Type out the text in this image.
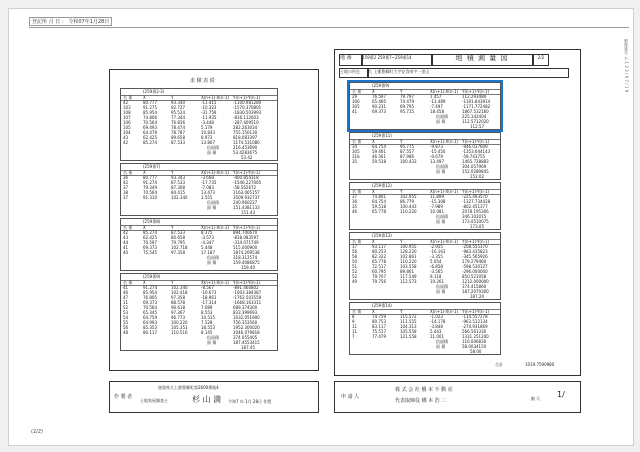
登記所 月 日 ： 令和07年1月28日
整理番号 チ 1 2 3 / 0 7 / 1 9
求 積 表 続
(259番2-3)
名 番	X	Y	X(n+1)-X(n-1) Y(n+1)-Y(n-1)
42	80.777	93.340	-11.415	-1100.981280
103	91.275	92.727	-10.323	-1570.370801
108	85.954	95.524	-31.759	-1830.503993
107	74.806	77.344	-11.935	-816.112603
106	70.564	76.836	-3.448	-287.409510
105	69.493	78.474	5.179	282.263034
104	64.479	78.787	10.843	755.150130
43	62.425	89.658	8.973	818.083397
42	85.274	87.533	13.807	1174.531080
倍面積	216.453690
面 積	53.4283675
53.42
(259番7)
名 番	X	Y	X(n+1)-X(n-1) Y(n+1)-Y(n-1)
36	80.777	93.343	-3.668	-400.854318
42	91.274	87.533	-17.735	-1546.227065
37	79.349	87.308	-7.083	-58.562672
38	70.564	84.415	13.473	1163.065157
37	91.310	102.340	3.555	3509.932737
倍面積	240.960227
面 積	151.4381133
151.43
(259番8)
名 番	X	Y	X(n+1)-X(n-1) Y(n+1)-Y(n-1)
42	85.274	87.533	8.375	894.700670
43	62.425	80.658	-3.573	-818.083597
44	70.597	79.795	-4.347	-314.071749
41	69.373	102.718	5.448	515.000900
40	75.545	97.358	17.187	1874.209538
倍面積	318.312574
面 積	159.4086875
159.40
(259番9)
名 番	X	Y	X(n+1)-X(n-1) Y(n+1)-Y(n-1)
41	91.274	102.340	-8.567	-891.460802
46	85.954	102.418	-10.673	-1003.384387
47	76.805	97.358	-18.961	-1762.503559
11	69.373	88.578	-17.314	-1668.163311
52	70.564	96.618	7.089	689.374300
53	65.345	97.367	8.553	833.399693
54	64.759	96.773	10.515	1032.051900
55	64.993	100.220	7.528	756.353560
56	85.353	105.351	18.553	1952.300020
48	80.117	110.516	8.145	1046.079818
倍面積	374.055405
面 積	187.4553415
187.45
地 番	259番2 259番7~259番14	地 積 測 量 図	2/2
土地の所在	大 上郡豊郷町大字安食南字一里山
(259番9)
名 番	X	Y	X(n+1)-X(n-1) Y(n+1)-Y(n-1)
29	76.597	79.797	1.457	112.293489
306	65.460	74.479	-13.489	-1191.843914
305	90.231	69.795	-7.497	-1171.772482
41	69.373	95.715	18.458	1867.532160
倍面積	225.142404
面 積	112.5712020
112.57
(259番11)
名 番	X	Y	X(n+1)-X(n-1) Y(n+1)-Y(n-1)
34	64.754	95.775	-9.873	-946.037609
305	59.461	87.557	-15.450	-1353.644143
31b	46.561	87.986	-0.679	-59.743755
35	59.518	100.433	13.497	1465.728883
倍面積	304.057969
面 積	152.0289845
152.02
(259番12)
名 番	X	Y	X(n+1)-X(n-1) Y(n+1)-Y(n-1)
37	74.801	102.955	11.899	-225.493570
36	64.754	86.779	-15.308	-1327.734428
35	59.518	100.443	-7.989	-802.451377
46	65.778	110.220	10.081	2078.195306
倍面積	346.102015
面 積	173.0510075
173.05
(259番13)
名 番	X	Y	X(n+1)-X(n-1) Y(n+1)-Y(n-1)
37	93.117	100.955	-2.955	-208.555370
56	80.253	128.220	-16.163	-983.435823
58	82.322	102.861	-3.355	-345.565926
50	65.778	110.220	5.054	179.279460
51	72.517	103.558	-6.858	-598.530127
52	60.795	89.861	-3.565	-296.000000
52	79.707	117.549	9.118	850.521058
49	79.756	112.573	10.261	1212.000000
倍面積	374.415860
面 積	187.2079300
187.20
(259番14)
名 番	X	Y	X(n+1)-X(n-1) Y(n+1)-Y(n-1)
8	74.759	115.572	-1.023	-114.557278
9	80.753	111.555	-14.178	-963.512134
11	83.117	104.313	-3.848	-274.931869
11	75.517	105.558	5.443	566.561330
7	77.479	121.558	11.001	1331.251200
倍面積	116.006830
面 積	58.0034150
58.00
合計	1019.7590980
作 製 者
滋賀県犬上郡豊郷町第2600番地4
土地家屋調査士	杉 山 満 令和7 年 1月 28日 作製
申 請 人
株 式 会 社 橋 本 不 動 産
代表取締役 橋 本 浩 二	縮 尺 1/
(2/2)
